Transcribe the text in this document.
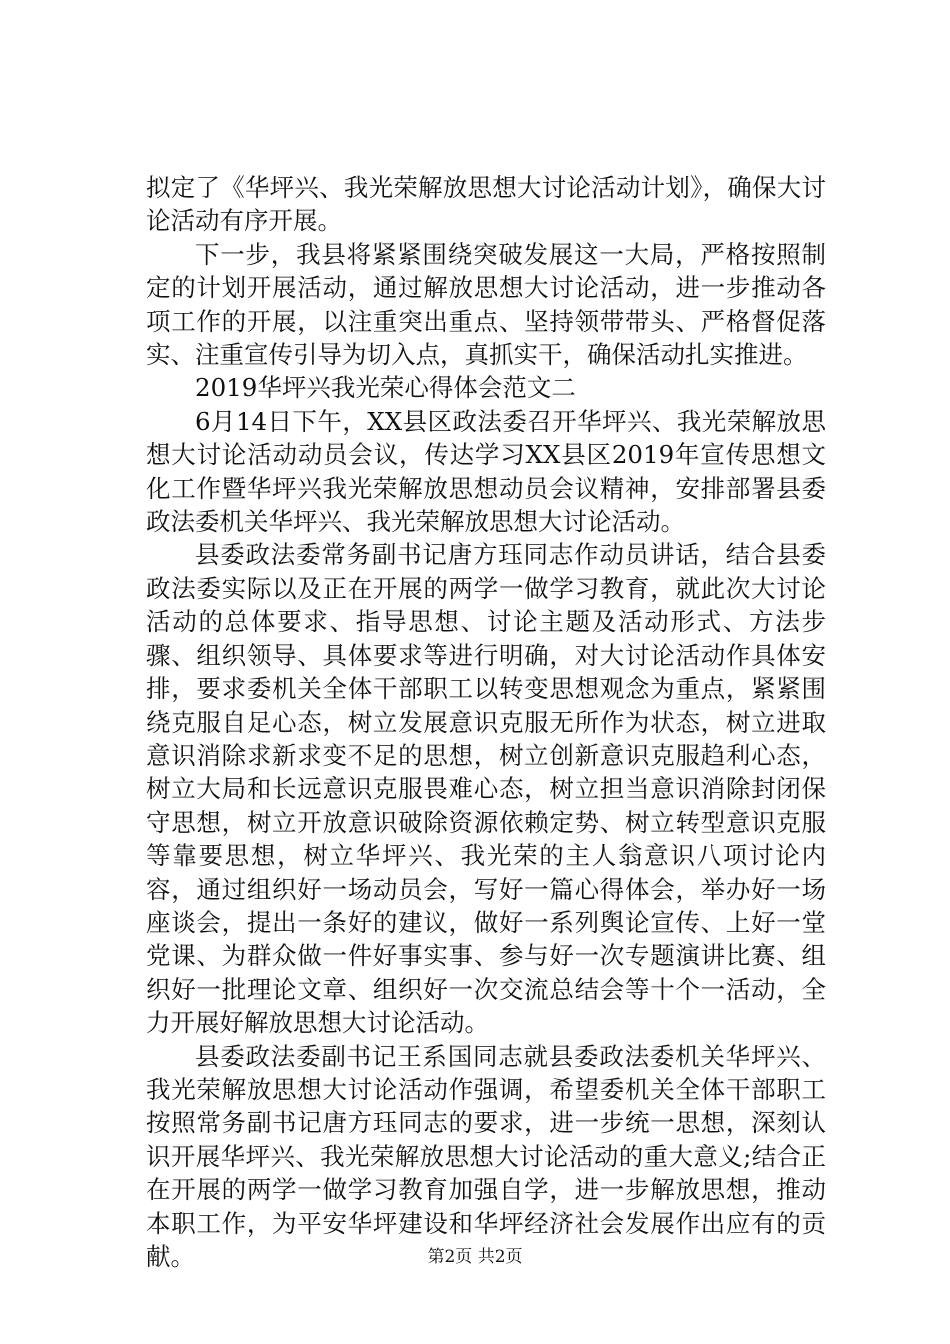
拟定了《华坪兴、我光荣解放思想大讨论活动计划》，确保大讨论活动有序开展。

下一步，我县将紧紧围绕突破发展这一大局，严格按照制定的计划开展活动，通过解放思想大讨论活动，进一步推动各项工作的开展，以注重突出重点、坚持领带带头、严格督促落实、注重宣传引导为切入点，真抓实干，确保活动扎实推进。

2019华坪兴我光荣心得体会范文二

6月14日下午，XX县区政法委召开华坪兴、我光荣解放思想大讨论活动动员会议，传达学习XX县区2019年宣传思想文化工作暨华坪兴我光荣解放思想动员会议精神，安排部署县委政法委机关华坪兴、我光荣解放思想大讨论活动。

县委政法委常务副书记唐方珏同志作动员讲话，结合县委政法委实际以及正在开展的两学一做学习教育，就此次大讨论活动的总体要求、指导思想、讨论主题及活动形式、方法步骤、组织领导、具体要求等进行明确，对大讨论活动作具体安排，要求委机关全体干部职工以转变思想观念为重点，紧紧围绕克服自足心态，树立发展意识克服无所作为状态，树立进取意识消除求新求变不足的思想，树立创新意识克服趋利心态，树立大局和长远意识克服畏难心态，树立担当意识消除封闭保守思想，树立开放意识破除资源依赖定势、树立转型意识克服等靠要思想，树立华坪兴、我光荣的主人翁意识八项讨论内容，通过组织好一场动员会，写好一篇心得体会，举办好一场座谈会，提出一条好的建议，做好一系列舆论宣传、上好一堂党课、为群众做一件好事实事、参与好一次专题演讲比赛、组织好一批理论文章、组织好一次交流总结会等十个一活动，全力开展好解放思想大讨论活动。

县委政法委副书记王系国同志就县委政法委机关华坪兴、我光荣解放思想大讨论活动作强调，希望委机关全体干部职工按照常务副书记唐方珏同志的要求，进一步统一思想，深刻认识开展华坪兴、我光荣解放思想大讨论活动的重大意义;结合正在开展的两学一做学习教育加强自学，进一步解放思想，推动本职工作，为平安华坪建设和华坪经济社会发展作出应有的贡献。	第2页 共2页
